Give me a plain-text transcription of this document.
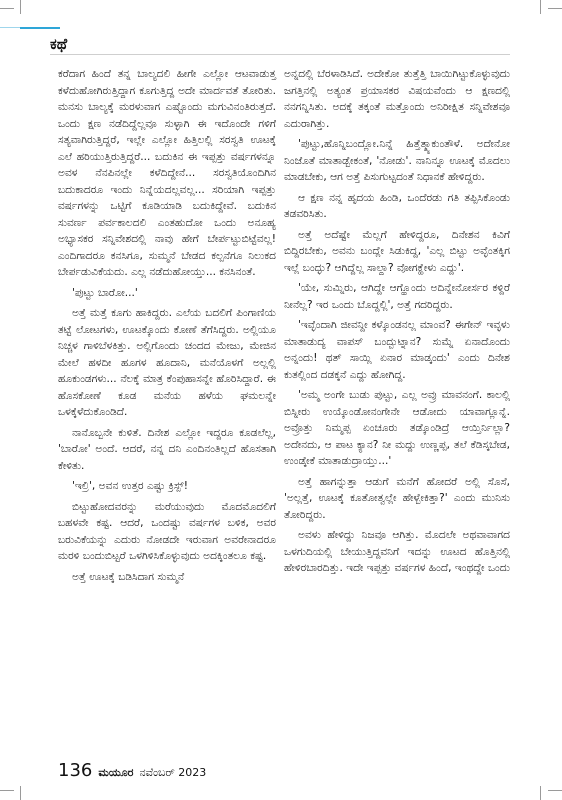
ಕಥೆ

ಕರೆದಾಗ ಹಿಂದೆ ತನ್ನ ಬಾಲ್ಯದಲಿ ಹೀಗೇ ಎಲ್ಲೋ ಆಟವಾಡುತ್ತ ಕಳೆದುಹೋಗಿರುತ್ತಿದ್ದಾಗ ಕೂಗುತ್ತಿದ್ದ ಅದೇ ಮಾರ್ದವತೆ ತೋರಿತು. ಮನಸು ಬಾಲ್ಯಕ್ಕೆ ಮರಳುವಾಗ ಎಷ್ಟೊಂದು ಮಗುವಿನಂತಿರುತ್ತದೆ. ಒಂದು ಕ್ಷಣ ನಡೆದಿದ್ದೆಲ್ಲವೂ ಸುಳ್ಳಾಗಿ ಈ ಇದೊಂದೇ ಗಳಿಗೆ ಸತ್ಯವಾಗಿರುತ್ತಿದ್ದರೆ, ಇಲ್ಲೇ ಎಲ್ಲೋ ಹಿತ್ತಿಲಲ್ಲಿ ಸರಸ್ವತಿ ಊಟಕ್ಕೆ ಎಲೆ ಹರಿಯುತ್ತಿರುತ್ತಿದ್ದರೆ... ಬದುಕಿನ ಈ ಇಪ್ಪತ್ತು ವರ್ಷಗಳನ್ನೂ ಅವಳ ನೆನಪಿನಲ್ಲೇ ಕಳೆದಿದ್ದೇನೆ... ಸರಸ್ವತಿಯೊಂದಿಗಿನ ಬದುಕಾದರೂ ಇಂದು ನಿನ್ನೆಯದಲ್ಲವಲ್ಲ... ಸರಿಯಾಗಿ ಇಪ್ಪತ್ತು ವರ್ಷಗಳನ್ನು ಒಟ್ಟಿಗೆ ಕೂಡಿಯಾಡಿ ಬದುಕಿದ್ದೇವೆ. ಬದುಕಿನ ಸುವರ್ಣ ಪರ್ವಕಾಲದಲಿ ಎಂತಹುದೋ ಒಂದು ಅನೂಹ್ಯ ಅಭ್ಯಾಸಕರ ಸನ್ನಿವೇಶದಲ್ಲಿ ನಾವು ಹೇಗೆ ಬೇರ್ಪಟ್ಟುಬಿಟ್ಟೆವಲ್ಲ! ಎಂದಿಗಾದರೂ ಕನಸಿಗೂ, ಸುಮ್ಮನೆ ಬೇಡದ ಕಲ್ಪನೆಗೂ ನಿಲುಕದ ಬೇರ್ಪಡುವಿಕೆಯದು. ಎಲ್ಲ ನಡೆದುಹೋಯ್ತು... ಕನಸಿನಂತೆ.

'ಪುಟ್ಟು ಬಾರೋ...'

ಅತ್ತೆ ಮತ್ತೆ ಕೂಗು ಹಾಕಿದ್ದರು. ಎಲೆಯ ಬದಲಿಗೆ ಪಿಂಗಾಣಿಯ ತಟ್ಟೆ ಲೋಟಗಳು, ಊಟಕ್ಕೊಂದು ಕೋಣೆ ತೆಗೆಸಿದ್ದರು. ಅಲ್ಲಿಯೂ ನಿಚ್ಚಳ ಗಾಳಿಬೆಳಕಿತ್ತು. ಅಲ್ಲಿಗೊಂದು ಚಂದದ ಮೇಜು, ಮೇಜಿನ ಮೇಲೆ ಹಳದೀ ಹೂಗಳ ಹೂದಾನಿ, ಮನೆಯೊಳಗೆ ಅಲ್ಲಲ್ಲಿ ಹೂಕುಂಡಗಳು... ನೆಲಕ್ಕೆ ಮಾತ್ರ ಕೆಂಪುಹಾಸನ್ನೇ ಹೊರಿಸಿದ್ದಾರೆ. ಈ ಹೊಸಕೋಣೆ ಕೂಡ ಮನೆಯ ಹಳೆಯ ಘಮಲನ್ನೇ ಒಳಕ್ಕೆಳೆದುಕೊಂಡಿದೆ.

ನಾನೊಬ್ಬನೇ ಕುಳಿತೆ. ದಿನೇಶ ಎಲ್ಲೋ ಇದ್ದರೂ ಕೂಡಲೆಲ್ಲ, 'ಬಾರೋ' ಅಂದೆ. ಆದರೆ, ನನ್ನ ದನಿ ಎಂದಿನಂತಿಲ್ಲದೆ ಹೊಸತಾಗಿ ಕೇಳಿತು.

'ಇಲ್ರಿ', ಅವನ ಉತ್ತರ ಎಷ್ಟು ಕ್ರಿಸ್ಪ್!

ಬಿಟ್ಟುಹೋದವರನ್ನು ಮರೆಯುವುದು ಮೊದಮೊದಲಿಗೆ ಬಹಳವೇ ಕಷ್ಟ. ಆದರೆ, ಒಂದಷ್ಟು ವರ್ಷಗಳ ಬಳಿಕ, ಅವರ ಬರುವಿಕೆಯನ್ನು ಎದುರು ನೋಡದೇ ಇರುವಾಗ ಅವರೇನಾದರೂ ಮರಳಿ ಬಂದುಬಿಟ್ಟರೆ ಒಳಗಿಳಿಸಿಕೊಳ್ಳುವುದು ಅದಕ್ಕಿಂತಲೂ ಕಷ್ಟ.

ಅತ್ತೆ ಊಟಕ್ಕೆ ಬಡಿಸಿದಾಗ ಸುಮ್ಮನೆ

ಅನ್ನದಲ್ಲಿ ಬೆರಳಾಡಿಸಿದೆ. ಅದೇಕೋ ತುತ್ತೆತ್ತಿ ಬಾಯಿಗಿಟ್ಟುಕೊಳ್ಳುವುದು ಜಗತ್ತಿನಲ್ಲಿ ಅತ್ಯಂತ ಪ್ರಯಾಸಕರ ವಿಷಯವೆಂದು ಆ ಕ್ಷಣದಲ್ಲಿ ನನಗನ್ನಿಸಿತು. ಅದಕ್ಕೆ ತಕ್ಕಂತೆ ಮತ್ತೊಂದು ಅನಿರೀಕ್ಷಿತ ಸನ್ನಿವೇಶವೂ ಎದುರಾಗಿತ್ತು.

'ಪುಟ್ಟು,ಹೊನ್ನಿಬಂದ್ಲೋ.ನಿನ್ನೆ ಹಿತ್ತೆತ್ಮ್ಯಾಕುಂತೌಳೆ. ಅದೇನೋ ನಿಂಜೊತೆ ಮಾತಾಡ್ಬೇಕಂತೆ, 'ನೋಡು'. ನಾನಿನ್ನೂ ಊಟಕ್ಕೆ ಮೊದಲು ಮಾಡಬೇಕು, ಆಗ ಅತ್ತೆ ಪಿಸುಗುಟ್ಟದಂತೆ ನಿಧಾನಕೆ ಹೇಳಿದ್ದರು.

ಆ ಕ್ಷಣ ನನ್ನ ಹೃದಯ ಹಿಂಡಿ, ಒಂದೆರಡು ಗತಿ ತಪ್ಪಿಸಿಕೊಂಡು ತಡವರಿಸಿತು.

ಅತ್ತೆ ಅದೆಷ್ಟೇ ಮೆಲ್ಲಗೆ ಹೇಳಿದ್ದರೂ, ದಿನೇಶನ ಕಿವಿಗೆ ಬಿದ್ದಿರಬೇಕು, ಅವನು ಬಂದ್ಲೇ ಸಿಡುಕಿದ್ದ, 'ಎಲ್ಲ ಬಿಟ್ಟು ಅವ್ಳೆಂತಕ್ಕಿಗ ಇಲ್ಲೆ ಬಂದ್ಳು? ಆಗಿದ್ದೆಲ್ಲ ಸಾಲ್ದಾ? ವೋಗಕ್ಹೇಳು ಎದ್ದು'.

'ಯೇ, ಸುಮ್ನಿರು, ಆಗಿದ್ದೇ ಆಗ್ಹೊಂದು ಅದಿನ್ನೇನೋರ್ಸರ ಕಳ್ದಿರೆ ನೀನೆಲ್ಲ? ಇರ ಒಂದು ಬೊದ್ದಲ್ಲಿ', ಅತ್ತೆ ಗದರಿದ್ದರು.

'ಇವ್ಳೆಂದಾಗಿ ಜೀವನ್ದೀ ಕಳ್ಕೊಂಡನಲ್ಲ ಮಾಂವ? ಈಗೇನ್ ಇವ್ಳಳು ಮಾತಾಡುದ್ಯ ವಾಪಸ್ ಬಂದ್ಬುಟ್ನಾನ? ಸುಮ್ನೆ ಏನಾದೊಂದು ಅನ್ನಂದು! ಥತ್ ಸಾಯ್ಲಿ ಏನಾರ ಮಾಡ್ಕಂದು' ಎಂದು ದಿನೇಶ ಕುತಲ್ಲಿಂದ ದಡಕ್ಕನೆ ಎದ್ದು ಹೋಗಿದ್ದ.

'ಅಮ್ಮ ಅಂಗೇ ಬುಡು ಪುಟ್ಟು, ಎಲ್ಲ ಅವ್ರು ಮಾವನಂಗೆ. ಕಾಲಲ್ಲಿ ಬಿಸ್ನೀರು ಉಯ್ಕೊಂಡೋನಂಗೇನೇ ಆಡೋದು ಯಾವಾಗ್ಲೂನ್ನೆ. ಅವ್ರೊತ್ತು ನಿಮ್ಮಪ್ಪ ಏಂಚೂರು ತಡ್ಕೊಂಡಿದ್ರೆ ಆಯ್ತಿರ್ನಿಲ್ಲಾ? ಅದೇನದು, ಆ ಪಾಟ ಕ್ಯಾನ? ನೀ ಮದ್ದು ಉಣ್ಣಪ್ಪ, ತಲೆ ಕೆಡಿಸ್ಕಬೇಡ, ಉಂಡ್ಕೇಕೆ ಮಾತಾಡುದ್ರಾಯ್ತು...'

ಅತ್ತೆ ಹಾಗನ್ನುತ್ತಾ ಆಡುಗೆ ಮನೆಗೆ ಹೋದರೆ ಅಲ್ಲಿ ಸೊಸೆ, 'ಅಲ್ಲತ್ತೆ, ಊಟಕ್ಕೆ ಕೂತೋತ್ವಲ್ಲೇ ಹೇಳ್ಬೇಕಿತ್ತಾ?' ಎಂದು ಮುನಿಸು ತೋರಿದ್ದರು.

ಅವಳು ಹೇಳಿದ್ದು ನಿಜವೂ ಆಗಿತ್ತು. ಮೊದಲೇ ಅಥವಾವಾಗದ ಒಳಗುದಿಯಲ್ಲಿ ಬೇಯುತ್ತಿದ್ದವನಿಗೆ ಇದನ್ನು ಊಟದ ಹೊತ್ತಿನಲ್ಲಿ ಹೇಳಿರಬಾರದಿತ್ತು. ಇದೇ ಇಪ್ಪತ್ತು ವರ್ಷಗಳ ಹಿಂದೆ, ಇಂಥದ್ದೇ ಒಂದು

136 ಮಯೂರ ನವೆಂಬರ್ 2023
